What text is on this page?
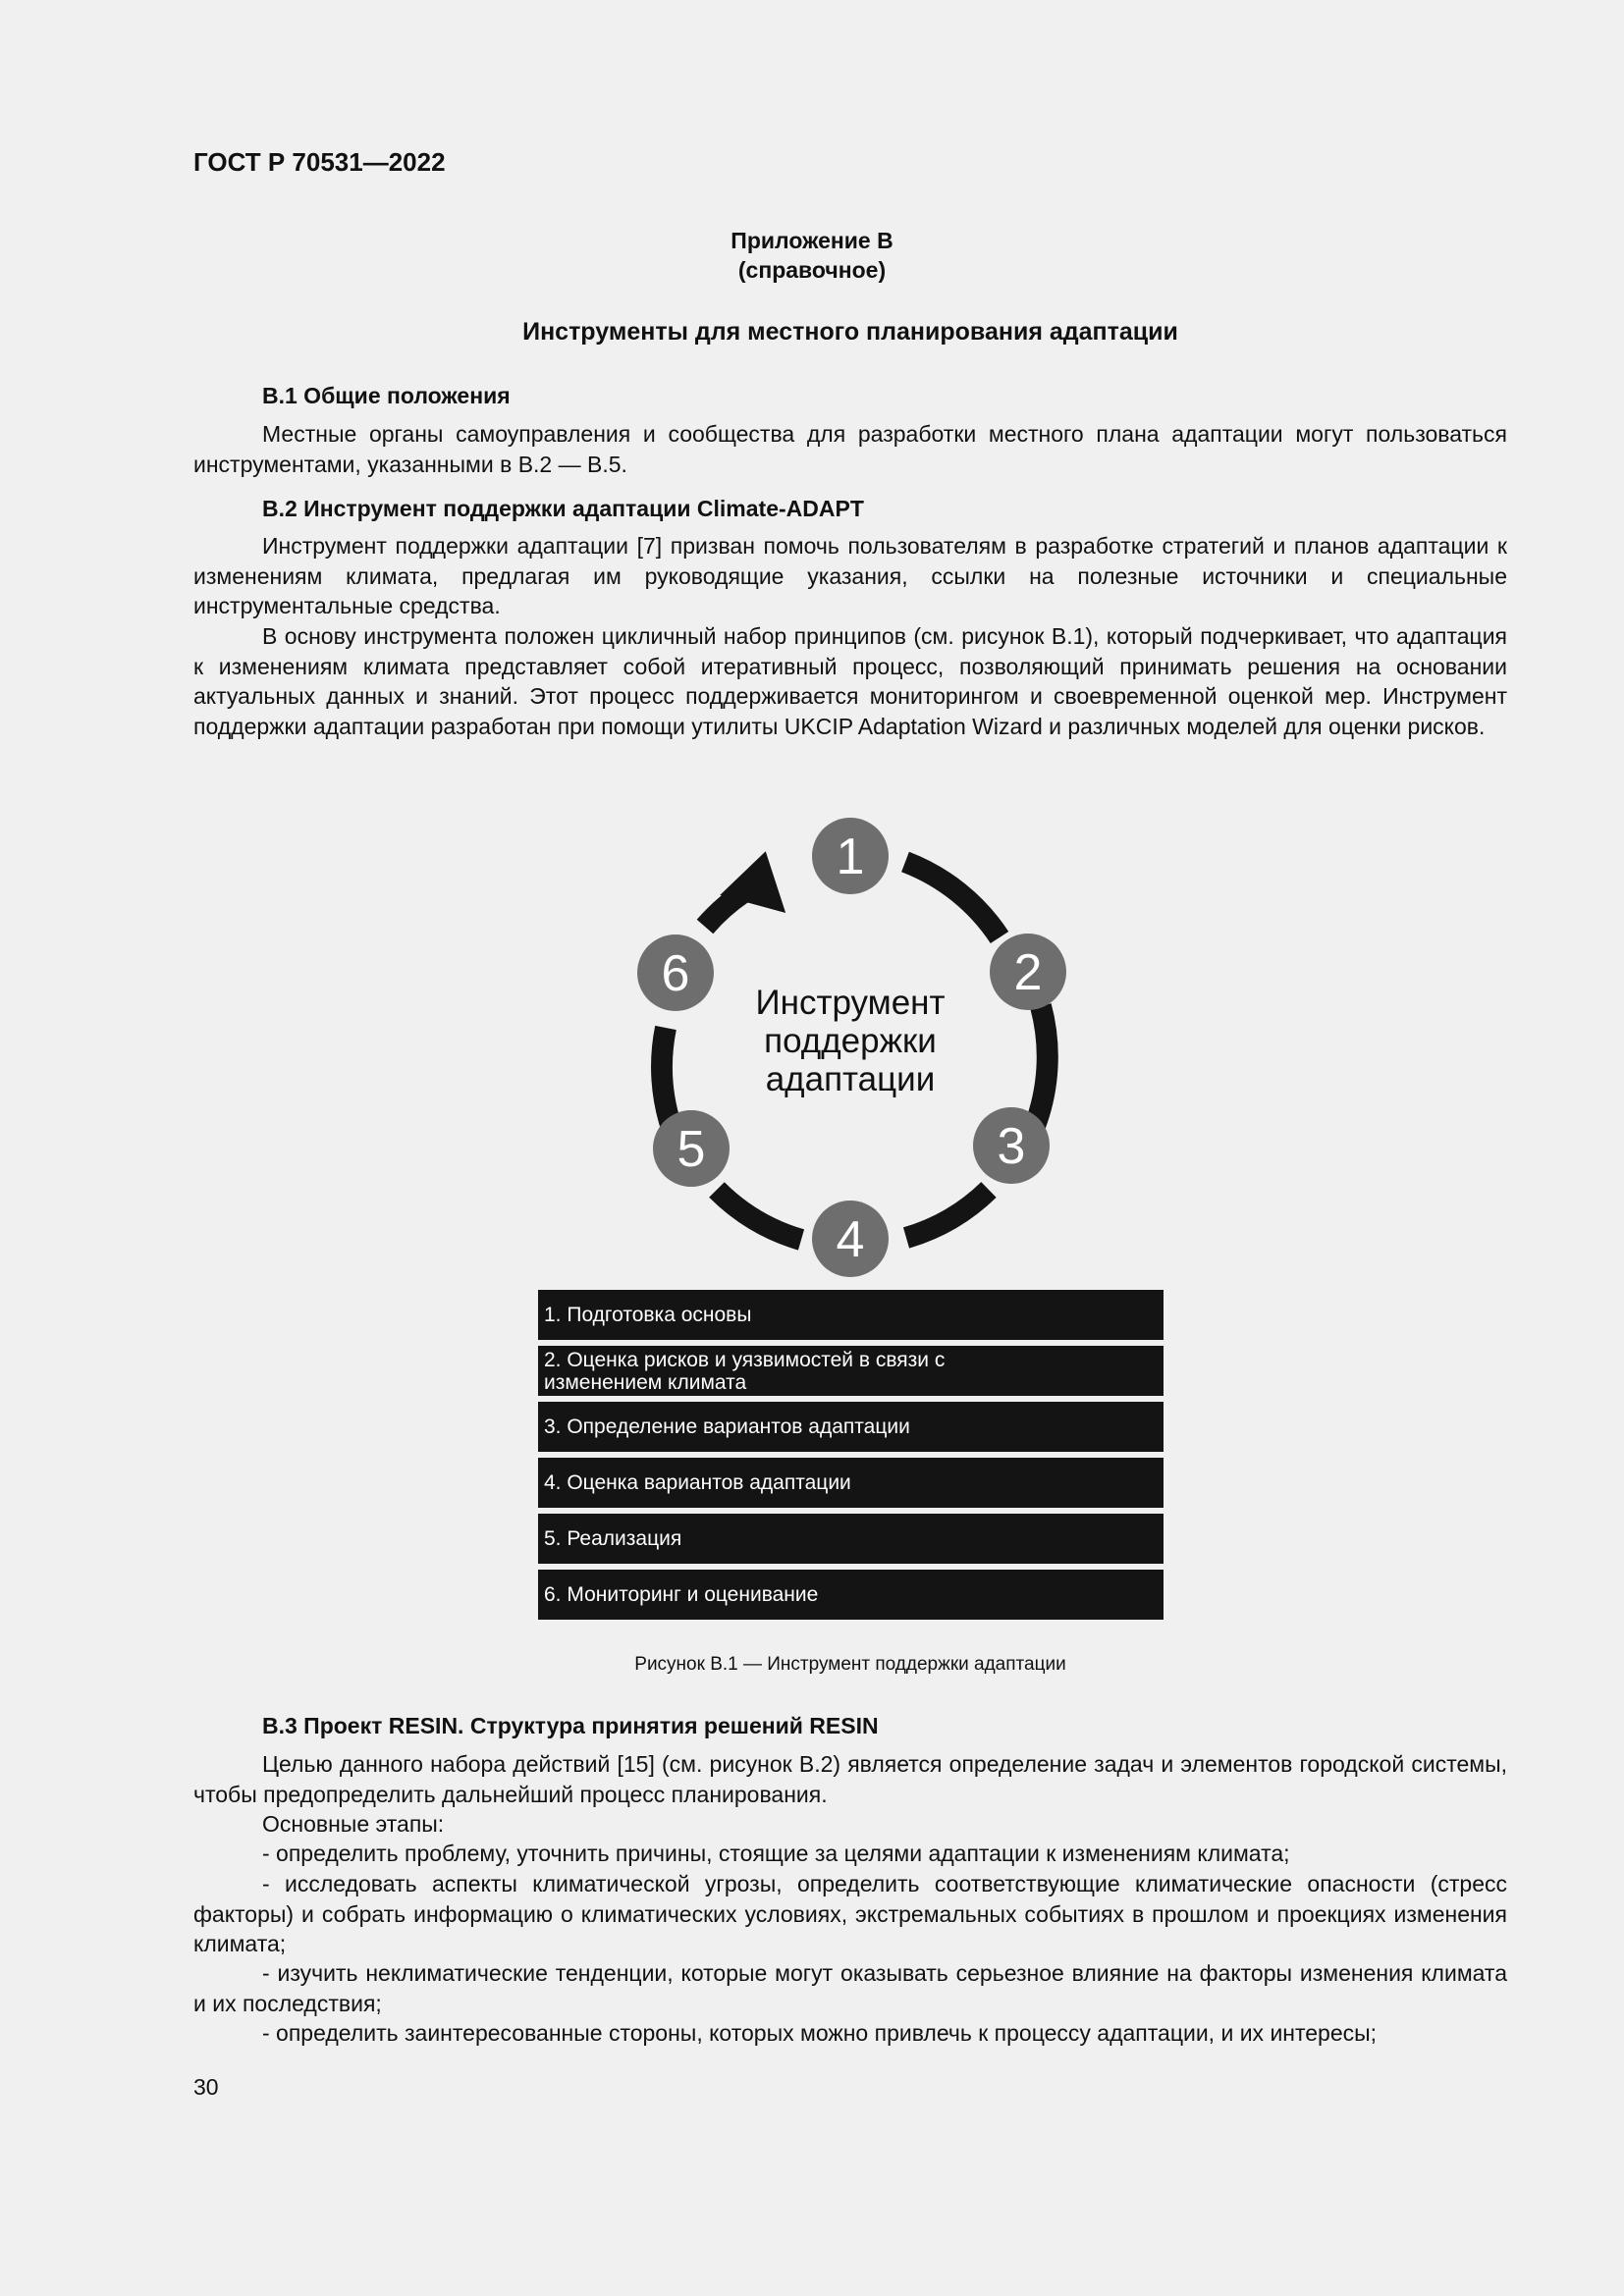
ГОСТ Р 70531—2022
Приложение В
(справочное)
Инструменты для местного планирования адаптации
В.1 Общие положения

Местные органы самоуправления и сообщества для разработки местного плана адаптации могут пользоваться инструментами, указанными в В.2 — В.5.

В.2 Инструмент поддержки адаптации Climate-ADAPT

Инструмент поддержки адаптации [7] призван помочь пользователям в разработке стратегий и планов адаптации к изменениям климата, предлагая им руководящие указания, ссылки на полезные источники и специальные инструментальные средства.

В основу инструмента положен цикличный набор принципов (см. рисунок В.1), который подчеркивает, что адаптация к изменениям климата представляет собой итеративный процесс, позволяющий принимать решения на основании актуальных данных и знаний. Этот процесс поддерживается мониторингом и своевременной оценкой мер. Инструмент поддержки адаптации разработан при помощи утилиты UKCIP Adaptation Wizard и различных моделей для оценки рисков.

1
2
3
4
5
6
Инструмент
поддержки
адаптации
1. Подготовка основы
2. Оценка рисков и уязвимостей в связи с изменением климата
3. Определение вариантов адаптации
4. Оценка вариантов адаптации
5. Реализация
6. Мониторинг и оценивание
Рисунок В.1 — Инструмент поддержки адаптации
В.3 Проект RESIN. Структура принятия решений RESIN

Целью данного набора действий [15] (см. рисунок В.2) является определение задач и элементов городской системы, чтобы предопределить дальнейший процесс планирования.

Основные этапы:

- определить проблему, уточнить причины, стоящие за целями адаптации к изменениям климата;

- исследовать аспекты климатической угрозы, определить соответствующие климатические опасности (стресс факторы) и собрать информацию о климатических условиях, экстремальных событиях в прошлом и проекциях изменения климата;

- изучить неклиматические тенденции, которые могут оказывать серьезное влияние на факторы изменения климата и их последствия;

- определить заинтересованные стороны, которых можно привлечь к процессу адаптации, и их интересы;

30
